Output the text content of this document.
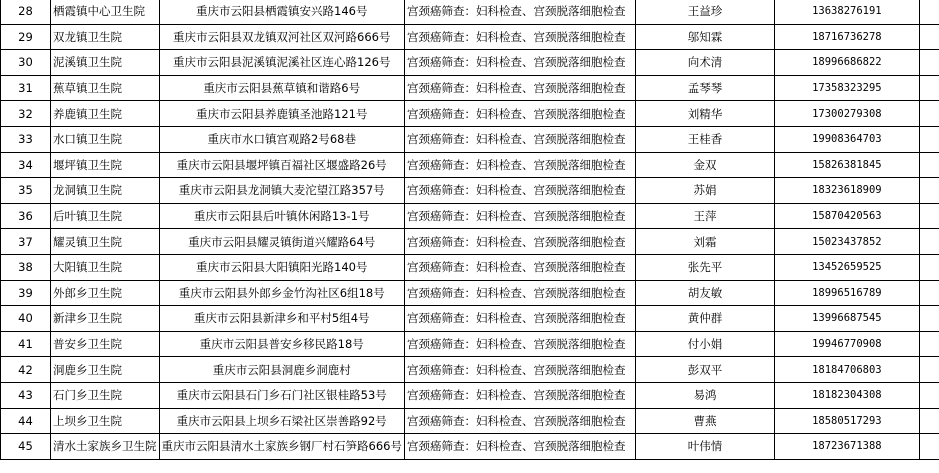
28	栖霞镇中心卫生院	重庆市云阳县栖霞镇安兴路146号	宫颈癌筛查：妇科检查、宫颈脱落细胞检查	王益珍	13638276191	
29	双龙镇卫生院	重庆市云阳县双龙镇双河社区双河路666号	宫颈癌筛查：妇科检查、宫颈脱落细胞检查	邬知霖	18716736278	
30	泥溪镇卫生院	重庆市云阳县泥溪镇泥溪社区连心路126号	宫颈癌筛查：妇科检查、宫颈脱落细胞检查	向术清	18996686822	
31	蕉草镇卫生院	重庆市云阳县蕉草镇和谐路6号	宫颈癌筛查：妇科检查、宫颈脱落细胞检查	孟琴琴	17358323295	
32	养鹿镇卫生院	重庆市云阳县养鹿镇圣池路121号	宫颈癌筛查：妇科检查、宫颈脱落细胞检查	刘精华	17300279308	
33	水口镇卫生院	重庆市水口镇宫观路2号68巷	宫颈癌筛查：妇科检查、宫颈脱落细胞检查	王桂香	19908364703	
34	堰坪镇卫生院	重庆市云阳县堰坪镇百福社区堰盛路26号	宫颈癌筛查：妇科检查、宫颈脱落细胞检查	金双	15826381845	
35	龙洞镇卫生院	重庆市云阳县龙洞镇大麦沱望江路357号	宫颈癌筛查：妇科检查、宫颈脱落细胞检查	苏娟	18323618909	
36	后叶镇卫生院	重庆市云阳县后叶镇休闲路13-1号	宫颈癌筛查：妇科检查、宫颈脱落细胞检查	王萍	15870420563	
37	耀灵镇卫生院	重庆市云阳县耀灵镇街道兴耀路64号	宫颈癌筛查：妇科检查、宫颈脱落细胞检查	刘霜	15023437852	
38	大阳镇卫生院	重庆市云阳县大阳镇阳光路140号	宫颈癌筛查：妇科检查、宫颈脱落细胞检查	张先平	13452659525	
39	外郎乡卫生院	重庆市云阳县外郎乡金竹沟社区6组18号	宫颈癌筛查：妇科检查、宫颈脱落细胞检查	胡友敏	18996516789	
40	新津乡卫生院	重庆市云阳县新津乡和平村5组4号	宫颈癌筛查：妇科检查、宫颈脱落细胞检查	黄仲群	13996687545	
41	普安乡卫生院	重庆市云阳县普安乡移民路18号	宫颈癌筛查：妇科检查、宫颈脱落细胞检查	付小娟	19946770908	
42	洞鹿乡卫生院	重庆市云阳县洞鹿乡洞鹿村	宫颈癌筛查：妇科检查、宫颈脱落细胞检查	彭双平	18184706803	
43	石门乡卫生院	重庆市云阳县石门乡石门社区银桂路53号	宫颈癌筛查：妇科检查、宫颈脱落细胞检查	易鸿	18182304308	
44	上坝乡卫生院	重庆市云阳县上坝乡石梁社区崇善路92号	宫颈癌筛查：妇科检查、宫颈脱落细胞检查	曹燕	18580517293	
45	清水土家族乡卫生院	重庆市云阳县清水土家族乡钢厂村石笋路666号	宫颈癌筛查：妇科检查、宫颈脱落细胞检查	叶伟情	18723671388	
